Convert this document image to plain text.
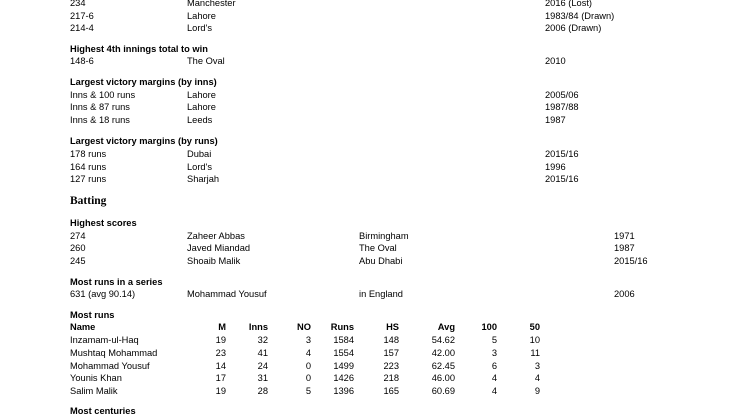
234	Manchester	2016 (Lost)
217-6	Lahore	1983/84 (Drawn)
214-4	Lord's	2006 (Drawn)
Highest 4th innings total to win
148-6	The Oval	2010
Largest victory margins (by inns)
Inns & 100 runs	Lahore	2005/06
Inns & 87 runs	Lahore	1987/88
Inns & 18 runs	Leeds	1987
Largest victory margins (by runs)
178 runs	Dubai	2015/16
164 runs	Lord's	1996
127 runs	Sharjah	2015/16
Batting
Highest scores
274	Zaheer Abbas	Birmingham	1971
260	Javed Miandad	The Oval	1987
245	Shoaib Malik	Abu Dhabi	2015/16
Most runs in a series
631 (avg 90.14)	Mohammad Yousuf	in England	2006
Most runs
Name	M	Inns	NO	Runs	HS	Avg	100	50
Inzamam-ul-Haq	19	32	3	1584	148	54.62	5	10
Mushtaq Mohammad	23	41	4	1554	157	42.00	3	11
Mohammad Yousuf	14	24	0	1499	223	62.45	6	3
Younis Khan	17	31	0	1426	218	46.00	4	4
Salim Malik	19	28	5	1396	165	60.69	4	9
Most centuries
